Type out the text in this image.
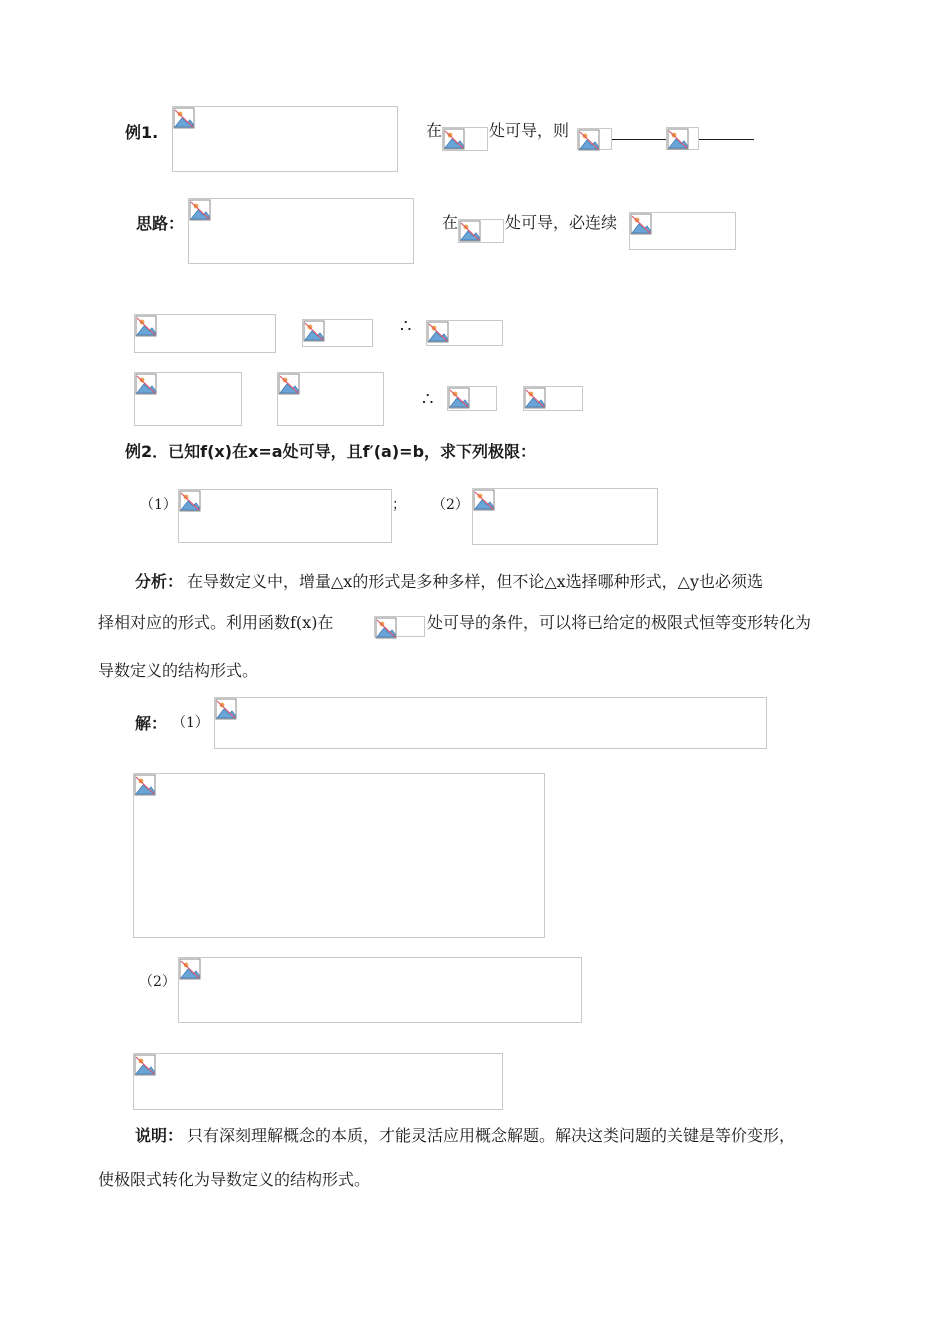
例1.	在	处可导，则
思路：	在	处可导，必连续
∴
∴
例2．已知f(x)在x=a处可导，且f′(a)=b，求下列极限：
（1）	； （2）
分析： 在导数定义中，增量△x的形式是多种多样，但不论△x选择哪种形式，△y也必须选
择相对应的形式。利用函数f(x)在	处可导的条件，可以将已给定的极限式恒等变形转化为
导数定义的结构形式。
解： （1）
（2）
说明： 只有深刻理解概念的本质，才能灵活应用概念解题。解决这类问题的关键是等价变形，
使极限式转化为导数定义的结构形式。
